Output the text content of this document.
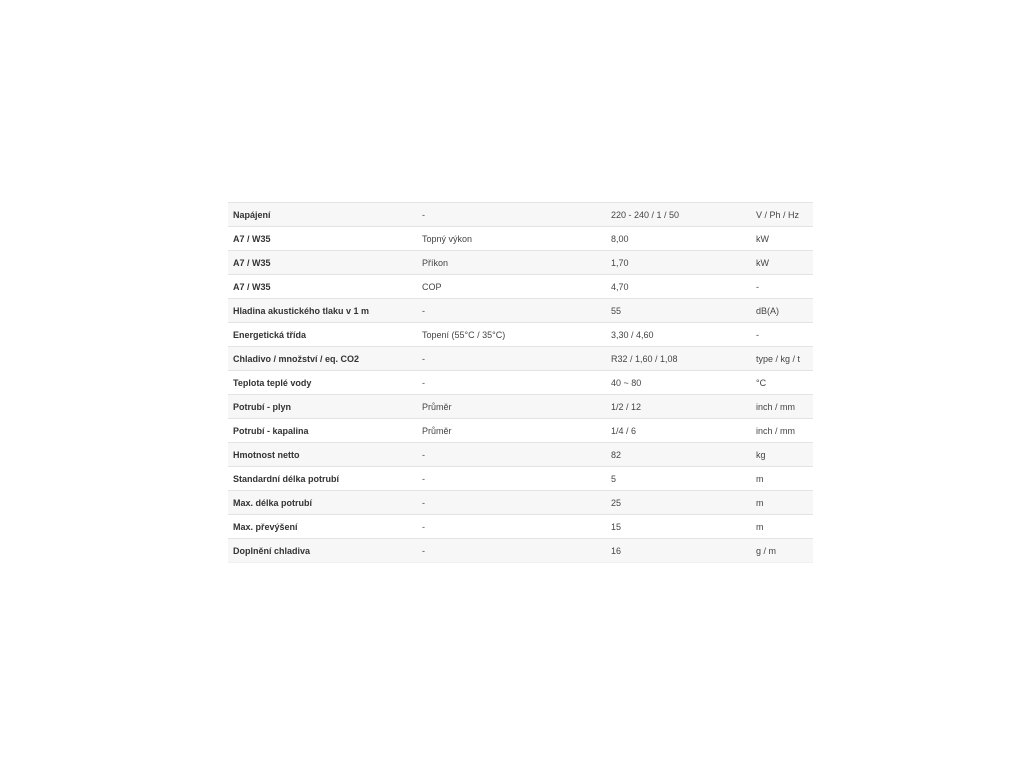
Napájení	-	220 - 240 / 1 / 50	V / Ph / Hz
A7 / W35	Topný výkon	8,00	kW
A7 / W35	Příkon	1,70	kW
A7 / W35	COP	4,70	-
Hladina akustického tlaku v 1 m	-	55	dB(A)
Energetická třída	Topení (55°C / 35°C)	3,30 / 4,60	-
Chladivo / množství / eq. CO2	-	R32 / 1,60 / 1,08	type / kg / t
Teplota teplé vody	-	40 ~ 80	°C
Potrubí - plyn	Průměr	1/2 / 12	inch / mm
Potrubí - kapalina	Průměr	1/4 / 6	inch / mm
Hmotnost netto	-	82	kg
Standardní délka potrubí	-	5	m
Max. délka potrubí	-	25	m
Max. převýšení	-	15	m
Doplnění chladiva	-	16	g / m
